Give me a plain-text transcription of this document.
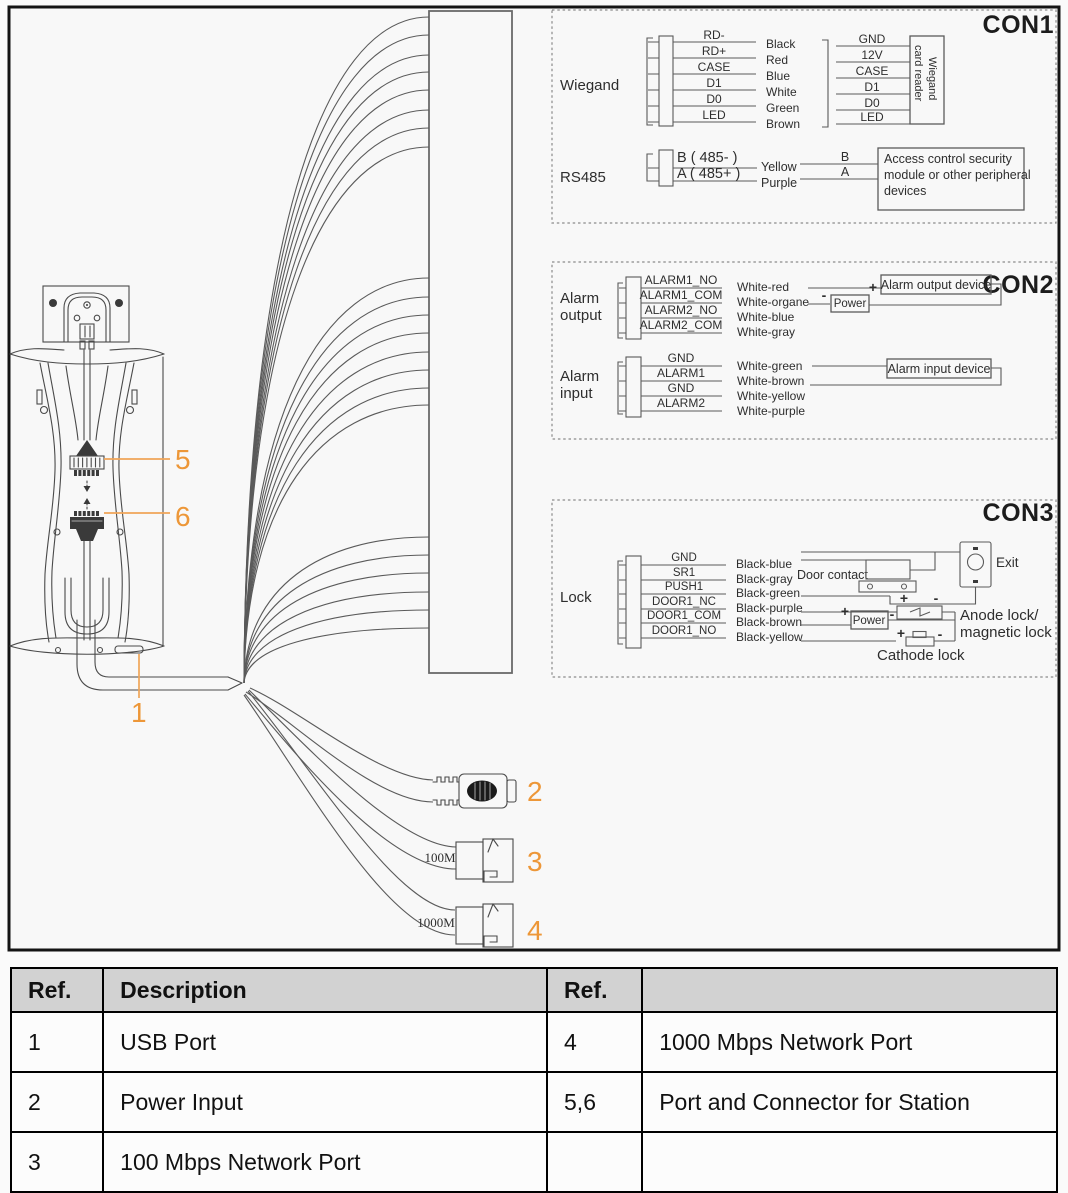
100M
1000M
1
2
3
4
5
6
CON1
Wiegand
RD-
RD+
CASE
D1
D0
LED
Black
Red
Blue
White
Green
Brown
GND
12V
CASE
D1
D0
LED
Wiegand
card reader
RS485
B ( 485- )
A ( 485+ ) Yellow
Purple
B
A
Access control security
module or other peripheral
devices
CON2
Alarm
output
ALARM1_NO
ALARM1_COM
ALARM2_NO
ALARM2_COM
White-red
White-organe
White-blue
White-gray
Alarm output device
-
Power
+
Alarm
input
GND
ALARM1
GND
ALARM2
White-green
White-brown
White-yellow
White-purple
Alarm input device
CON3
Lock
GND
SR1
PUSH1
DOOR1_NC
DOOR1_COM
DOOR1_NO
Black-blue
Black-gray
Black-green
Black-purple
Black-brown
Black-yellow
Door contact
Exit
+ -
+
Power -
+ -
Anode lock/
magnetic lock
Cathode lock
Ref.	Description	Ref.	
1	USB Port	4	1000 Mbps Network Port
2	Power Input	5,6	Port and Connector for Station
3	100 Mbps Network Port		
